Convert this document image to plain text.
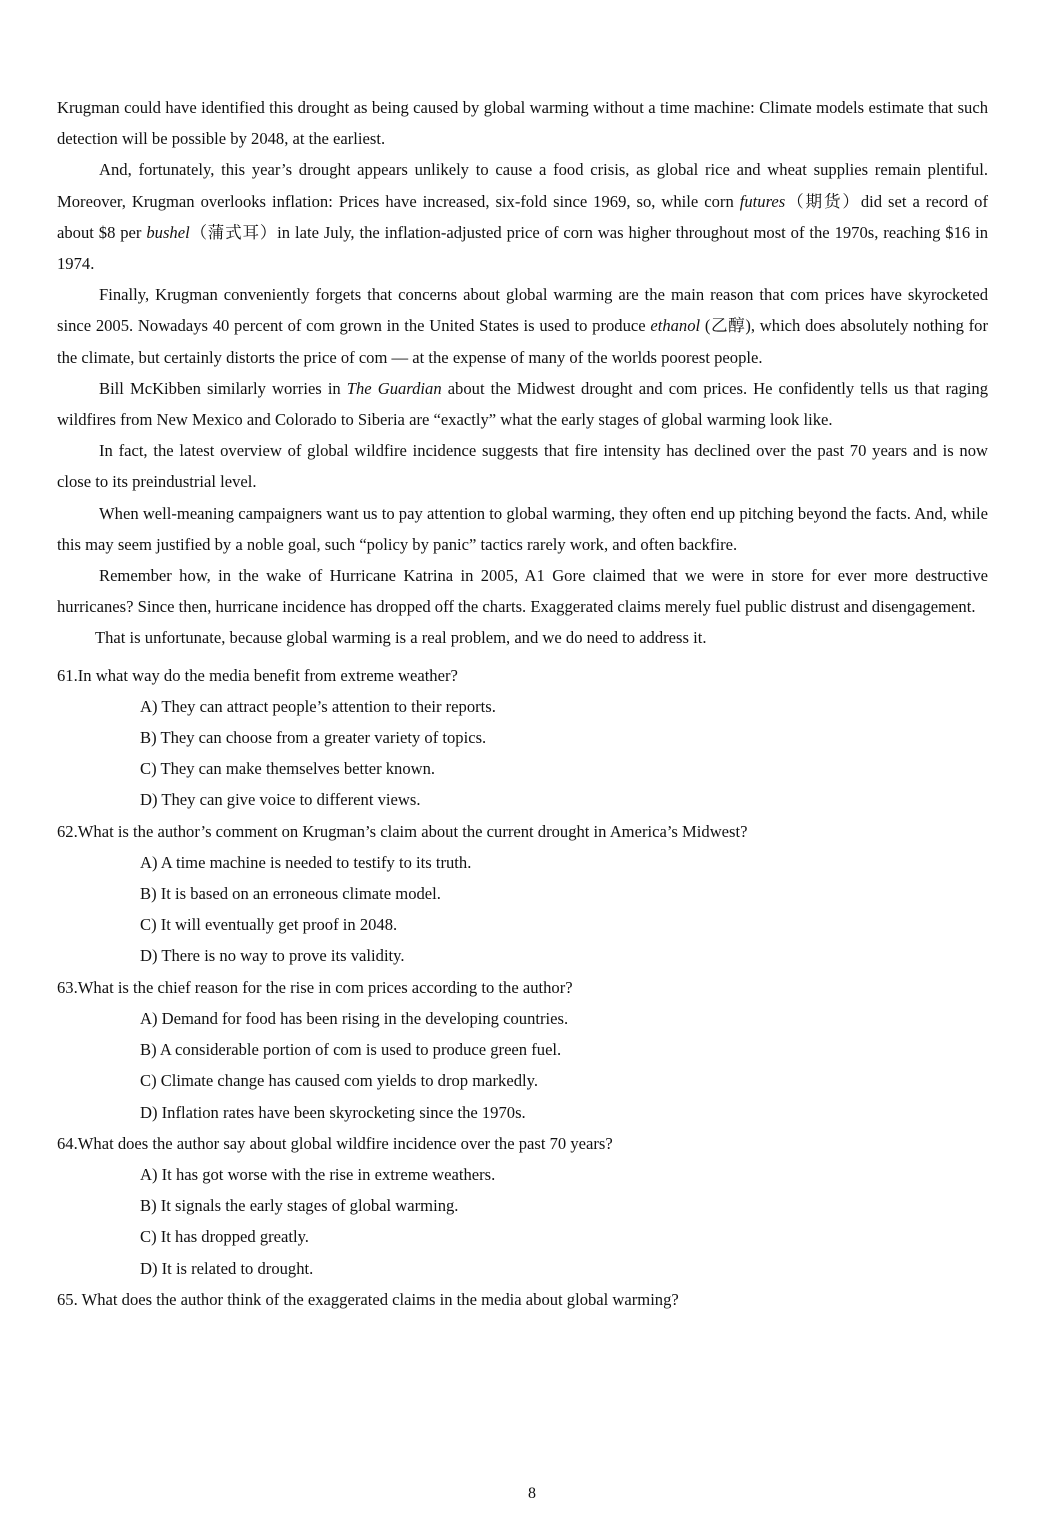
Krugman could have identified this drought as being caused by global warming without a time machine: Climate models estimate that such detection will be possible by 2048, at the earliest.

And, fortunately, this year’s drought appears unlikely to cause a food crisis, as global rice and wheat supplies remain plentiful. Moreover, Krugman overlooks inflation: Prices have increased, six-fold since 1969, so, while corn futures（期货）did set a record of about $8 per bushel（蒲式耳）in late July, the inflation-adjusted price of corn was higher throughout most of the 1970s, reaching $16 in 1974.

Finally, Krugman conveniently forgets that concerns about global warming are the main reason that com prices have skyrocketed since 2005. Nowadays 40 percent of com grown in the United States is used to produce ethanol (乙醇), which does absolutely nothing for the climate, but certainly distorts the price of com — at the expense of many of the worlds poorest people.

Bill McKibben similarly worries in The Guardian about the Midwest drought and com prices. He confidently tells us that raging wildfires from New Mexico and Colorado to Siberia are “exactly” what the early stages of global warming look like.

In fact, the latest overview of global wildfire incidence suggests that fire intensity has declined over the past 70 years and is now close to its preindustrial level.

When well-meaning campaigners want us to pay attention to global warming, they often end up pitching beyond the facts. And, while this may seem justified by a noble goal, such “policy by panic” tactics rarely work, and often backfire.

Remember how, in the wake of Hurricane Katrina in 2005, A1 Gore claimed that we were in store for ever more destructive hurricanes? Since then, hurricane incidence has dropped off the charts. Exaggerated claims merely fuel public distrust and disengagement.

That is unfortunate, because global warming is a real problem, and we do need to address it.

61.In what way do the media benefit from extreme weather?

A) They can attract people’s attention to their reports.
B) They can choose from a greater variety of topics.
C) They can make themselves better known.
D) They can give voice to different views.

62.What is the author’s comment on Krugman’s claim about the current drought in America’s Midwest?

A) A time machine is needed to testify to its truth.
B) It is based on an erroneous climate model.
C) It will eventually get proof in 2048.
D) There is no way to prove its validity.

63.What is the chief reason for the rise in com prices according to the author?

A) Demand for food has been rising in the developing countries.
B) A considerable portion of com is used to produce green fuel.
C) Climate change has caused com yields to drop markedly.
D) Inflation rates have been skyrocketing since the 1970s.

64.What does the author say about global wildfire incidence over the past 70 years?

A) It has got worse with the rise in extreme weathers.
B) It signals the early stages of global warming.
C) It has dropped greatly.
D) It is related to drought.

65. What does the author think of the exaggerated claims in the media about global warming?

8
